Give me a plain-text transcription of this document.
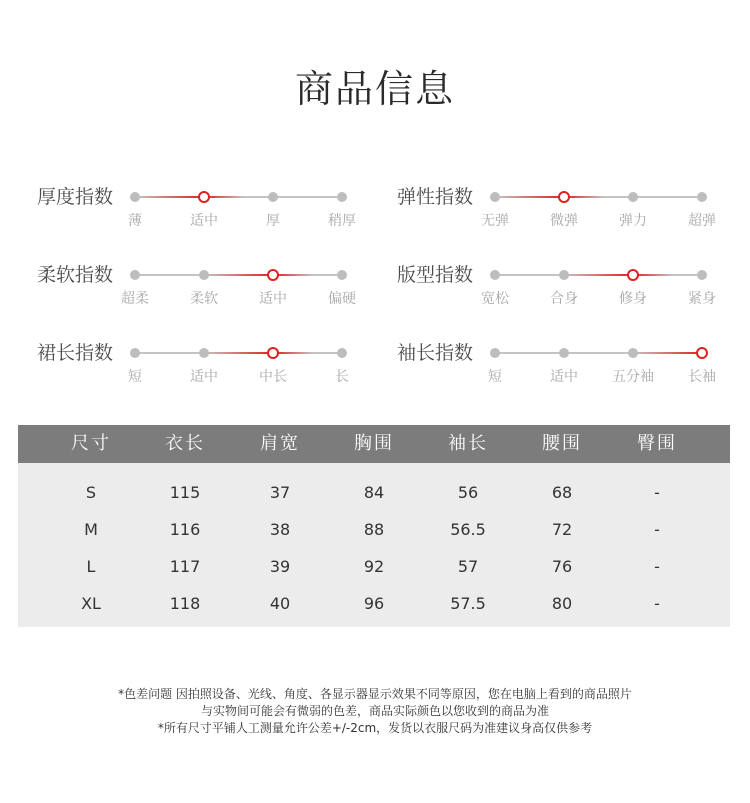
商品信息
厚度指数
薄	适中	厚	稍厚
弹性指数
无弹	微弹	弹力	超弹
柔软指数
超柔	柔软	适中	偏硬
版型指数
宽松	合身	修身	紧身
裙长指数
短	适中	中长	长
袖长指数
短	适中	五分袖	长袖
尺寸	衣长	肩宽	胸围	袖长	腰围	臀围
S	115	37	84	56	68	-
M	116	38	88	56.5	72	-
L	117	39	92	57	76	-
XL	118	40	96	57.5	80	-
*色差问题 因拍照设备、光线、角度、各显示器显示效果不同等原因，您在电脑上看到的商品照片
与实物间可能会有微弱的色差，商品实际颜色以您收到的商品为准
*所有尺寸平铺人工测量允许公差+/-2cm，发货以衣服尺码为准建议身高仅供参考
